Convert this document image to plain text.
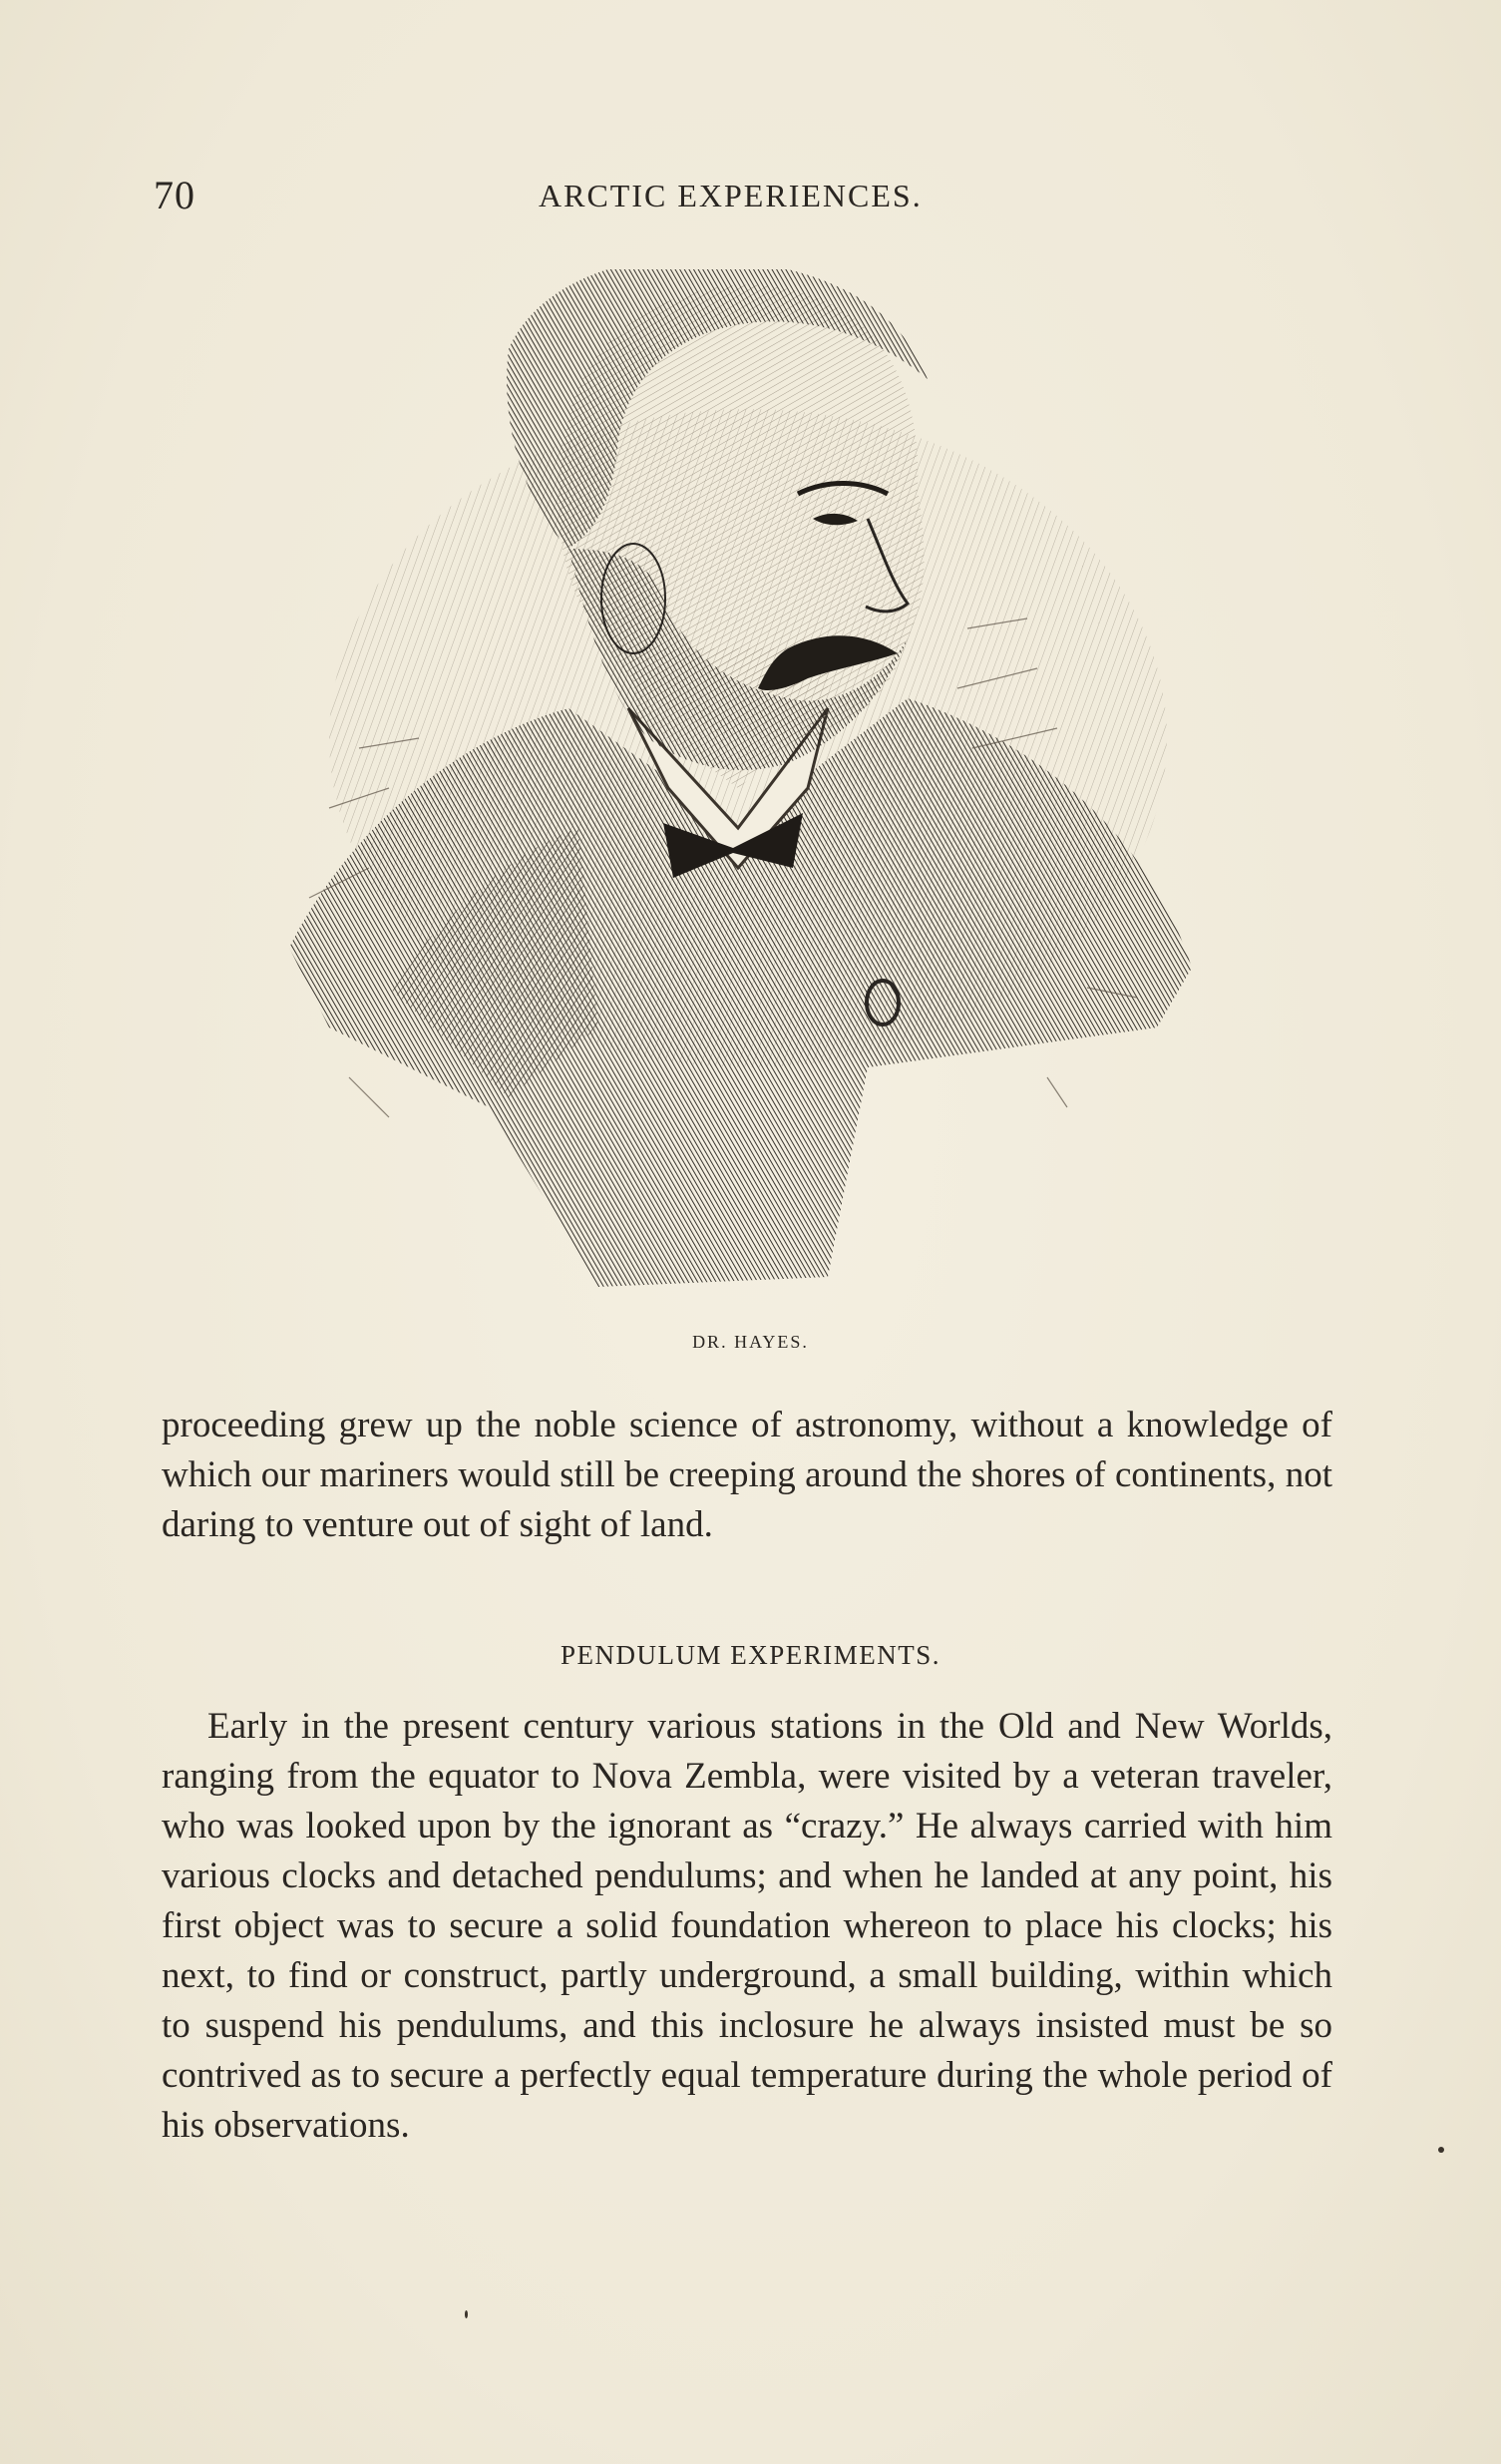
70	ARCTIC EXPERIENCES.
DR. HAYES.
proceeding grew up the noble science of astronomy, without a knowledge of which our mariners would still be creeping around the shores of continents, not daring to venture out of sight of land.
PENDULUM EXPERIMENTS.
Early in the present century various stations in the Old and New Worlds, ranging from the equator to Nova Zembla, were visited by a veteran traveler, who was looked upon by the ignorant as “crazy.” He always carried with him various clocks and detached pendulums; and when he landed at any point, his first object was to secure a solid foundation whereon to place his clocks; his next, to find or construct, partly underground, a small building, within which to suspend his pendulums, and this inclosure he always insisted must be so contrived as to secure a perfectly equal temperature during the whole period of his observations.
